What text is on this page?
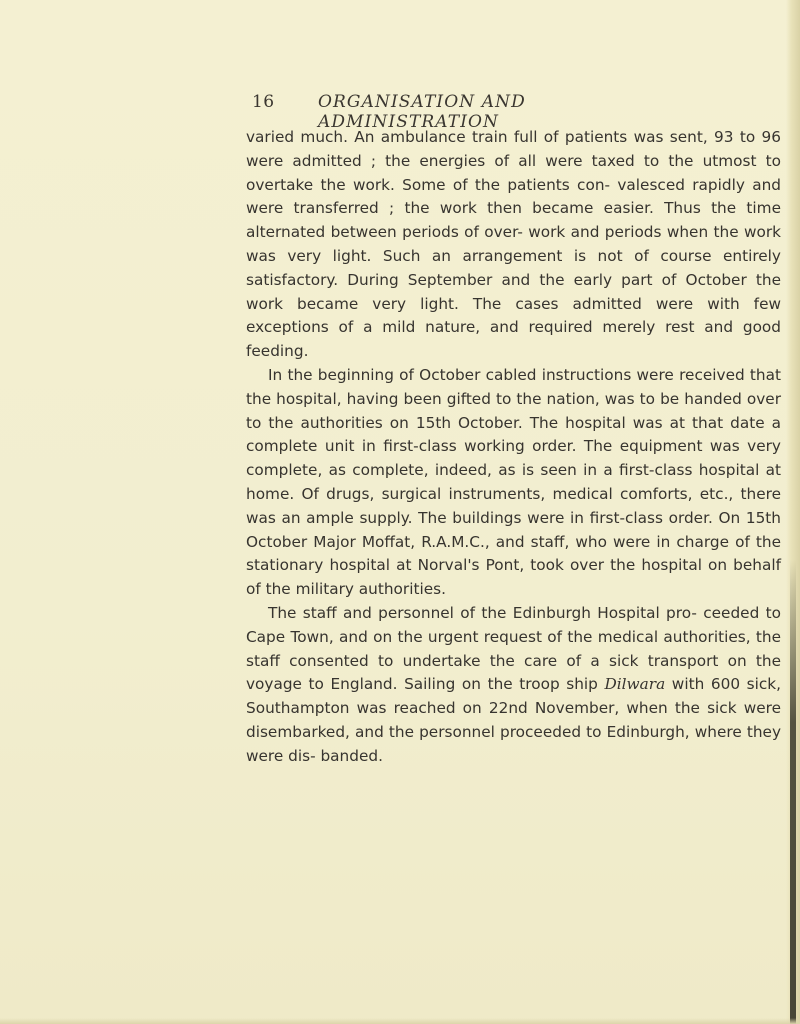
16	ORGANISATION AND ADMINISTRATION

varied much. An ambulance train full of patients was sent, 93 to 96 were admitted ; the energies of all were taxed to the utmost to overtake the work. Some of the patients con- valesced rapidly and were transferred ; the work then became easier. Thus the time alternated between periods of over- work and periods when the work was very light. Such an arrangement is not of course entirely satisfactory. During September and the early part of October the work became very light. The cases admitted were with few exceptions of a mild nature, and required merely rest and good feeding.

In the beginning of October cabled instructions were received that the hospital, having been gifted to the nation, was to be handed over to the authorities on 15th October. The hospital was at that date a complete unit in first-class working order. The equipment was very complete, as complete, indeed, as is seen in a first-class hospital at home. Of drugs, surgical instruments, medical comforts, etc., there was an ample supply. The buildings were in first-class order. On 15th October Major Moffat, R.A.M.C., and staff, who were in charge of the stationary hospital at Norval's Pont, took over the hospital on behalf of the military authorities.

The staff and personnel of the Edinburgh Hospital pro- ceeded to Cape Town, and on the urgent request of the medical authorities, the staff consented to undertake the care of a sick transport on the voyage to England. Sailing on the troop ship Dilwara with 600 sick, Southampton was reached on 22nd November, when the sick were disembarked, and the personnel proceeded to Edinburgh, where they were dis- banded.
